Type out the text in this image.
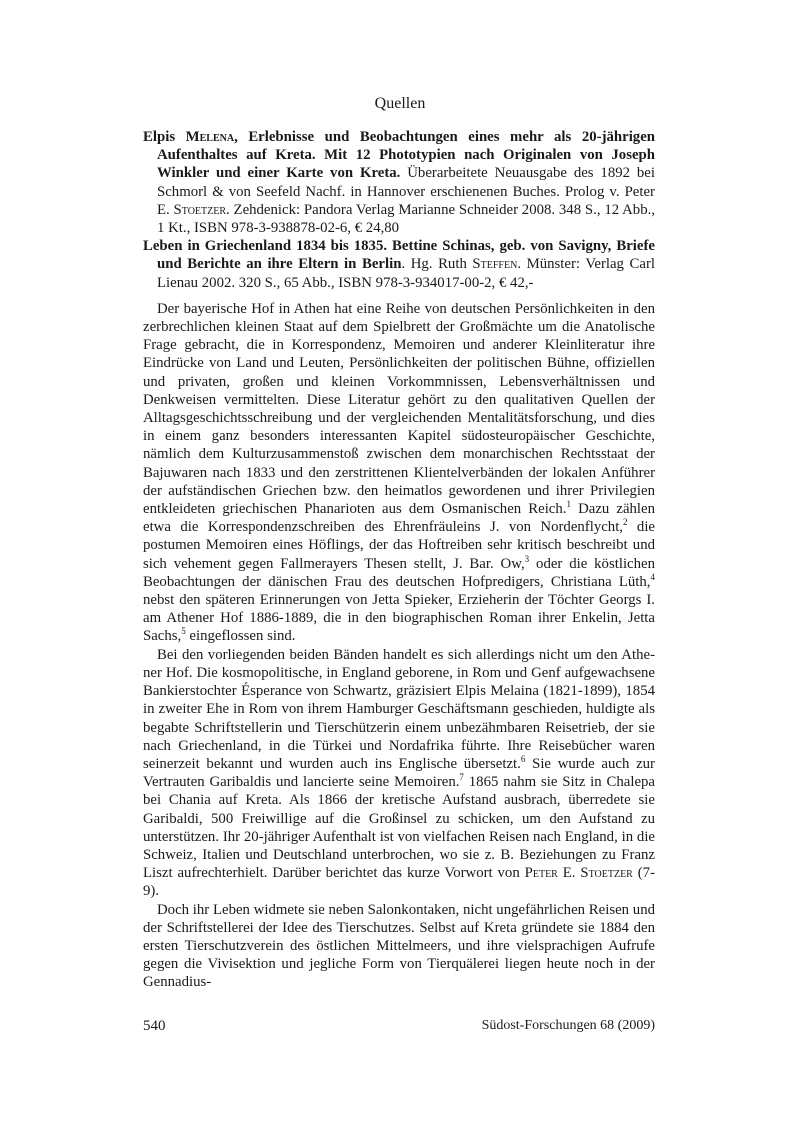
Quellen

Elpis Melena, Erlebnisse und Beobachtungen eines mehr als 20-jährigen Aufenthaltes auf Kreta. Mit 12 Phototypien nach Originalen von Joseph Winkler und einer Karte von Kreta. Überarbeitete Neuausgabe des 1892 bei Schmorl & von Seefeld Nachf. in Hannover erschienenen Buches. Prolog v. Peter E. Stoetzer. Zehdenick: Pandora Verlag Marianne Schneider 2008. 348 S., 12 Abb., 1 Kt., ISBN 978-3-938878-02-6, € 24,80

Leben in Griechenland 1834 bis 1835. Bettine Schinas, geb. von Savigny, Briefe und Berichte an ihre Eltern in Berlin. Hg. Ruth Steffen. Münster: Verlag Carl Lienau 2002. 320 S., 65 Abb., ISBN 978-3-934017-00-2, € 42,-

Der bayerische Hof in Athen hat eine Reihe von deutschen Persönlichkeiten in den zerbrechlichen kleinen Staat auf dem Spielbrett der Großmächte um die Anatolische Frage gebracht, die in Korrespondenz, Memoiren und anderer Kleinliteratur ihre Eindrücke von Land und Leuten, Persönlichkeiten der politischen Bühne, offiziellen und privaten, großen und kleinen Vorkommnissen, Lebensverhältnissen und Denkweisen vermittelten. Diese Literatur gehört zu den qualitativen Quellen der Alltagsgeschichtsschreibung und der vergleichenden Mentalitätsforschung, und dies in einem ganz besonders interessanten Kapitel südosteuropäischer Geschichte, nämlich dem Kulturzusammenstoß zwischen dem monarchischen Rechtsstaat der Bajuwaren nach 1833 und den zerstrittenen Klientelverbänden der lokalen Anführer der aufständischen Griechen bzw. den heimatlos gewordenen und ihrer Privilegien entkleideten griechischen Phanarioten aus dem Osmanischen Reich.$^1$ Dazu zählen etwa die Korrespondenzschreiben des Ehrenfräuleins J. von Nordenflycht,$^2$ die postumen Memoiren eines Höflings, der das Hoftreiben sehr kritisch beschreibt und sich vehement gegen Fallmerayers Thesen stellt, J. Bar. Ow,$^3$ oder die köstlichen Beobachtungen der dänischen Frau des deutschen Hofpredigers, Christiana Lüth,$^4$ nebst den späteren Erinnerungen von Jetta Spieker, Erzieherin der Töchter Georgs I. am Athener Hof 1886-1889, die in den biographischen Roman ihrer Enkelin, Jetta Sachs,$^5$ eingeflossen sind.

Bei den vorliegenden beiden Bänden handelt es sich allerdings nicht um den Athener Hof. Die kosmopolitische, in England geborene, in Rom und Genf aufgewachsene Bankierstochter Ésperance von Schwartz, gräzisiert Elpis Melaina (1821-1899), 1854 in zweiter Ehe in Rom von ihrem Hamburger Geschäftsmann geschieden, huldigte als begabte Schriftstellerin und Tierschützerin einem unbezähmbaren Reisetrieb, der sie nach Griechenland, in die Türkei und Nordafrika führte. Ihre Reisebücher waren seinerzeit bekannt und wurden auch ins Englische übersetzt.$^6$ Sie wurde auch zur Vertrauten Garibaldis und lancierte seine Memoiren.$^7$ 1865 nahm sie Sitz in Chalepa bei Chania auf Kreta. Als 1866 der kretische Aufstand ausbrach, überredete sie Garibaldi, 500 Freiwillige auf die Großinsel zu schicken, um den Aufstand zu unterstützen. Ihr 20-jähriger Aufenthalt ist von vielfachen Reisen nach England, in die Schweiz, Italien und Deutschland unterbrochen, wo sie z. B. Beziehungen zu Franz Liszt aufrechterhielt. Darüber berichtet das kurze Vorwort von Peter E. Stoetzer (7-9).

Doch ihr Leben widmete sie neben Salonkontaken, nicht ungefährlichen Reisen und der Schriftstellerei der Idee des Tierschutzes. Selbst auf Kreta gründete sie 1884 den ersten Tierschutzverein des östlichen Mittelmeers, und ihre vielsprachigen Aufrufe gegen die Vivisektion und jegliche Form von Tierquälerei liegen heute noch in der Gennadius-

540	Südost-Forschungen 68 (2009)
